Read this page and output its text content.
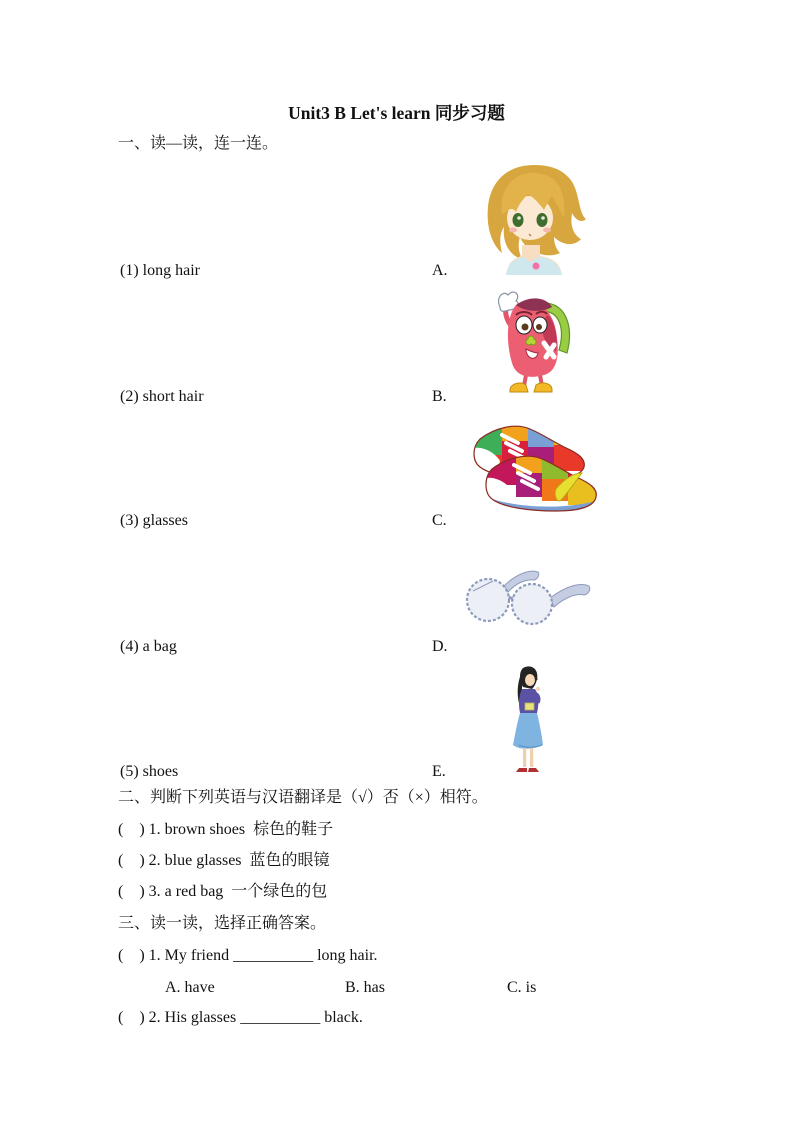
Unit3 B Let's learn 同步习题
一、读—读，连一连。
(1) long hair	A.
(2) short hair	B.
(3) glasses	C.
(4) a bag	D.
(5) shoes	E.
二、判断下列英语与汉语翻译是（√）否（×）相符。
(    ) 1. brown shoes  棕色的鞋子
(    ) 2. blue glasses  蓝色的眼镜
(    ) 3. a red bag  一个绿色的包
三、读一读，选择正确答案。
(    ) 1. My friend __________ long hair.
A. have	B. has	C. is
(    ) 2. His glasses __________ black.
